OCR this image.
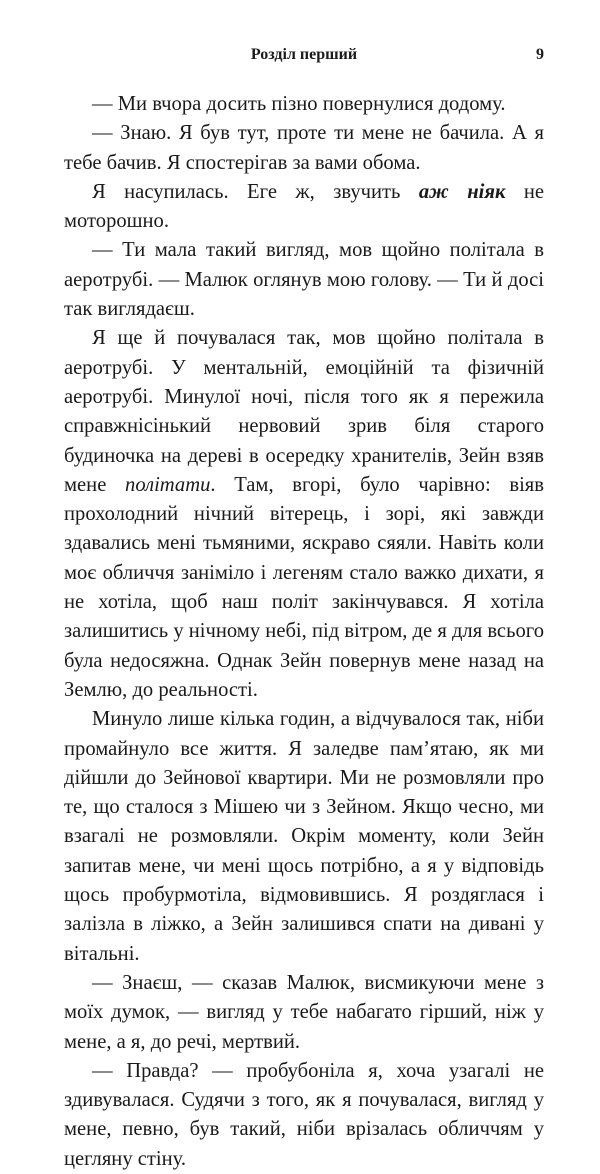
Розділ перший	9

— Ми вчора досить пізно повернулися додому.

— Знаю. Я був тут, проте ти мене не бачила. А я тебе бачив. Я спостерігав за вами обома.

Я насупилась. Еге ж, звучить аж ніяк не моторошно.

— Ти мала такий вигляд, мов щойно політала в аеротрубі. — Малюк оглянув мою голову. — Ти й досі так виглядаєш.

Я ще й почувалася так, мов щойно політала в аеротрубі. У ментальній, емоційній та фізичній аеротрубі. Минулої ночі, після того як я пережила справжнісінький нервовий зрив біля старого будиночка на дереві в осередку хранителів, Зейн взяв мене політати. Там, вгорі, було чарівно: віяв прохолодний нічний вітерець, і зорі, які завжди здавались мені тьмяними, яскраво сяяли. Навіть коли моє обличчя заніміло і легеням стало важко дихати, я не хотіла, щоб наш політ закінчувався. Я хотіла залишитись у нічному небі, під вітром, де я для всього була недосяжна. Однак Зейн повернув мене назад на Землю, до реальності.

Минуло лише кілька годин, а відчувалося так, ніби промайнуло все життя. Я заледве пам’ятаю, як ми дійшли до Зейнової квартири. Ми не розмовляли про те, що сталося з Мішею чи з Зейном. Якщо чесно, ми взагалі не розмовляли. Окрім моменту, коли Зейн запитав мене, чи мені щось потрібно, а я у відповідь щось пробурмотіла, відмовившись. Я роздяглася і залізла в ліжко, а Зейн залишився спати на дивані у вітальні.

— Знаєш, — сказав Малюк, висмикуючи мене з моїх думок, — вигляд у тебе набагато гірший, ніж у мене, а я, до речі, мертвий.

— Правда? — пробубоніла я, хоча узагалі не здивувалася. Судячи з того, як я почувалася, вигляд у мене, певно, був такий, ніби врізалась обличчям у цегляну стіну.
